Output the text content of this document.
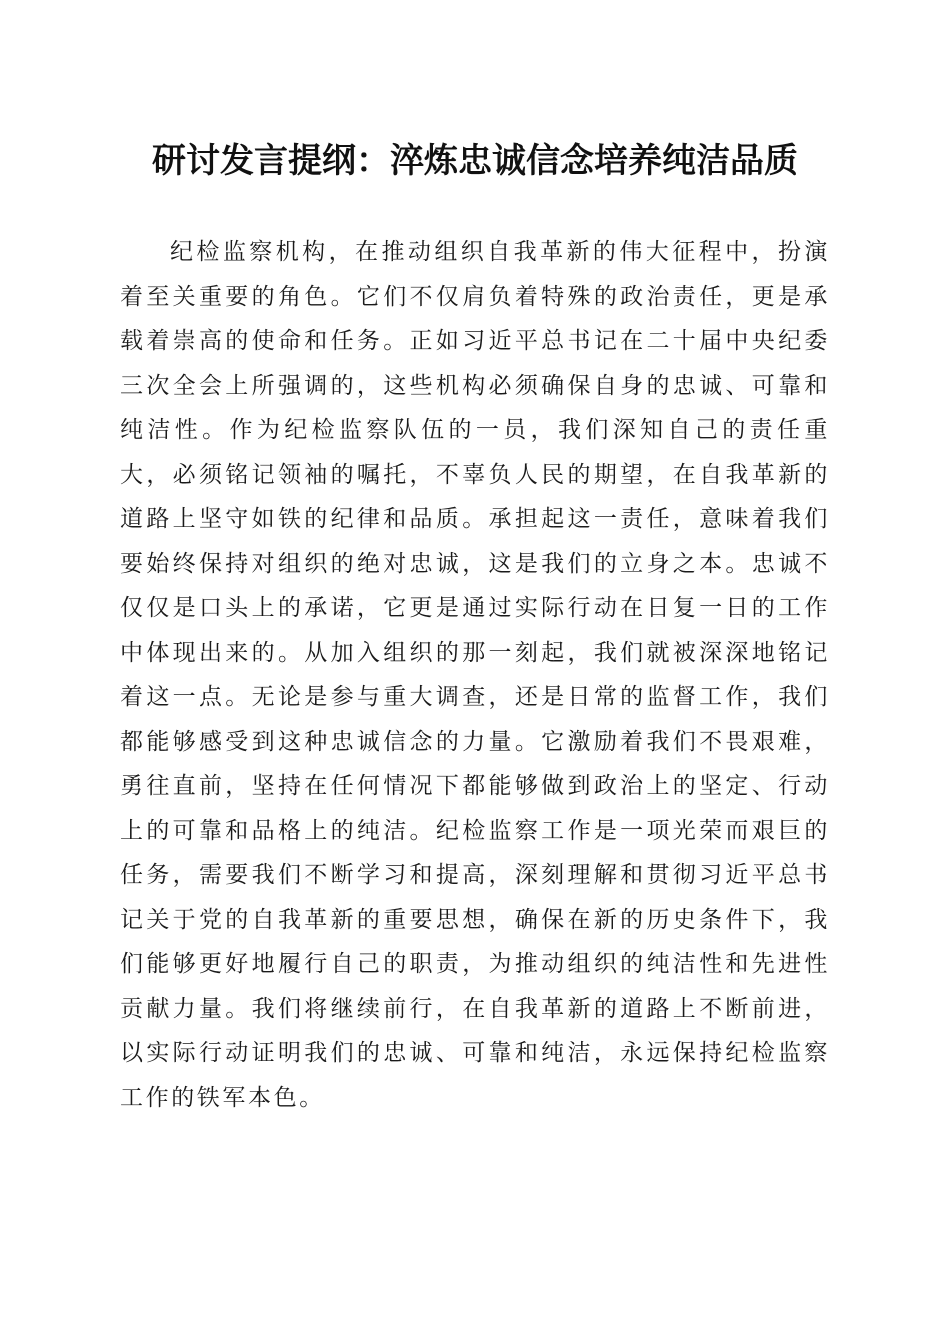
研讨发言提纲：淬炼忠诚信念培养纯洁品质

纪检监察机构，在推动组织自我革新的伟大征程中，扮演着至关重要的角色。它们不仅肩负着特殊的政治责任，更是承载着崇高的使命和任务。正如习近平总书记在二十届中央纪委三次全会上所强调的，这些机构必须确保自身的忠诚、可靠和纯洁性。作为纪检监察队伍的一员，我们深知自己的责任重大，必须铭记领袖的嘱托，不辜负人民的期望，在自我革新的道路上坚守如铁的纪律和品质。承担起这一责任，意味着我们要始终保持对组织的绝对忠诚，这是我们的立身之本。忠诚不仅仅是口头上的承诺，它更是通过实际行动在日复一日的工作中体现出来的。从加入组织的那一刻起，我们就被深深地铭记着这一点。无论是参与重大调查，还是日常的监督工作，我们都能够感受到这种忠诚信念的力量。它激励着我们不畏艰难，勇往直前，坚持在任何情况下都能够做到政治上的坚定、行动上的可靠和品格上的纯洁。纪检监察工作是一项光荣而艰巨的任务，需要我们不断学习和提高，深刻理解和贯彻习近平总书记关于党的自我革新的重要思想，确保在新的历史条件下，我们能够更好地履行自己的职责，为推动组织的纯洁性和先进性贡献力量。我们将继续前行，在自我革新的道路上不断前进，以实际行动证明我们的忠诚、可靠和纯洁，永远保持纪检监察工作的铁军本色。
